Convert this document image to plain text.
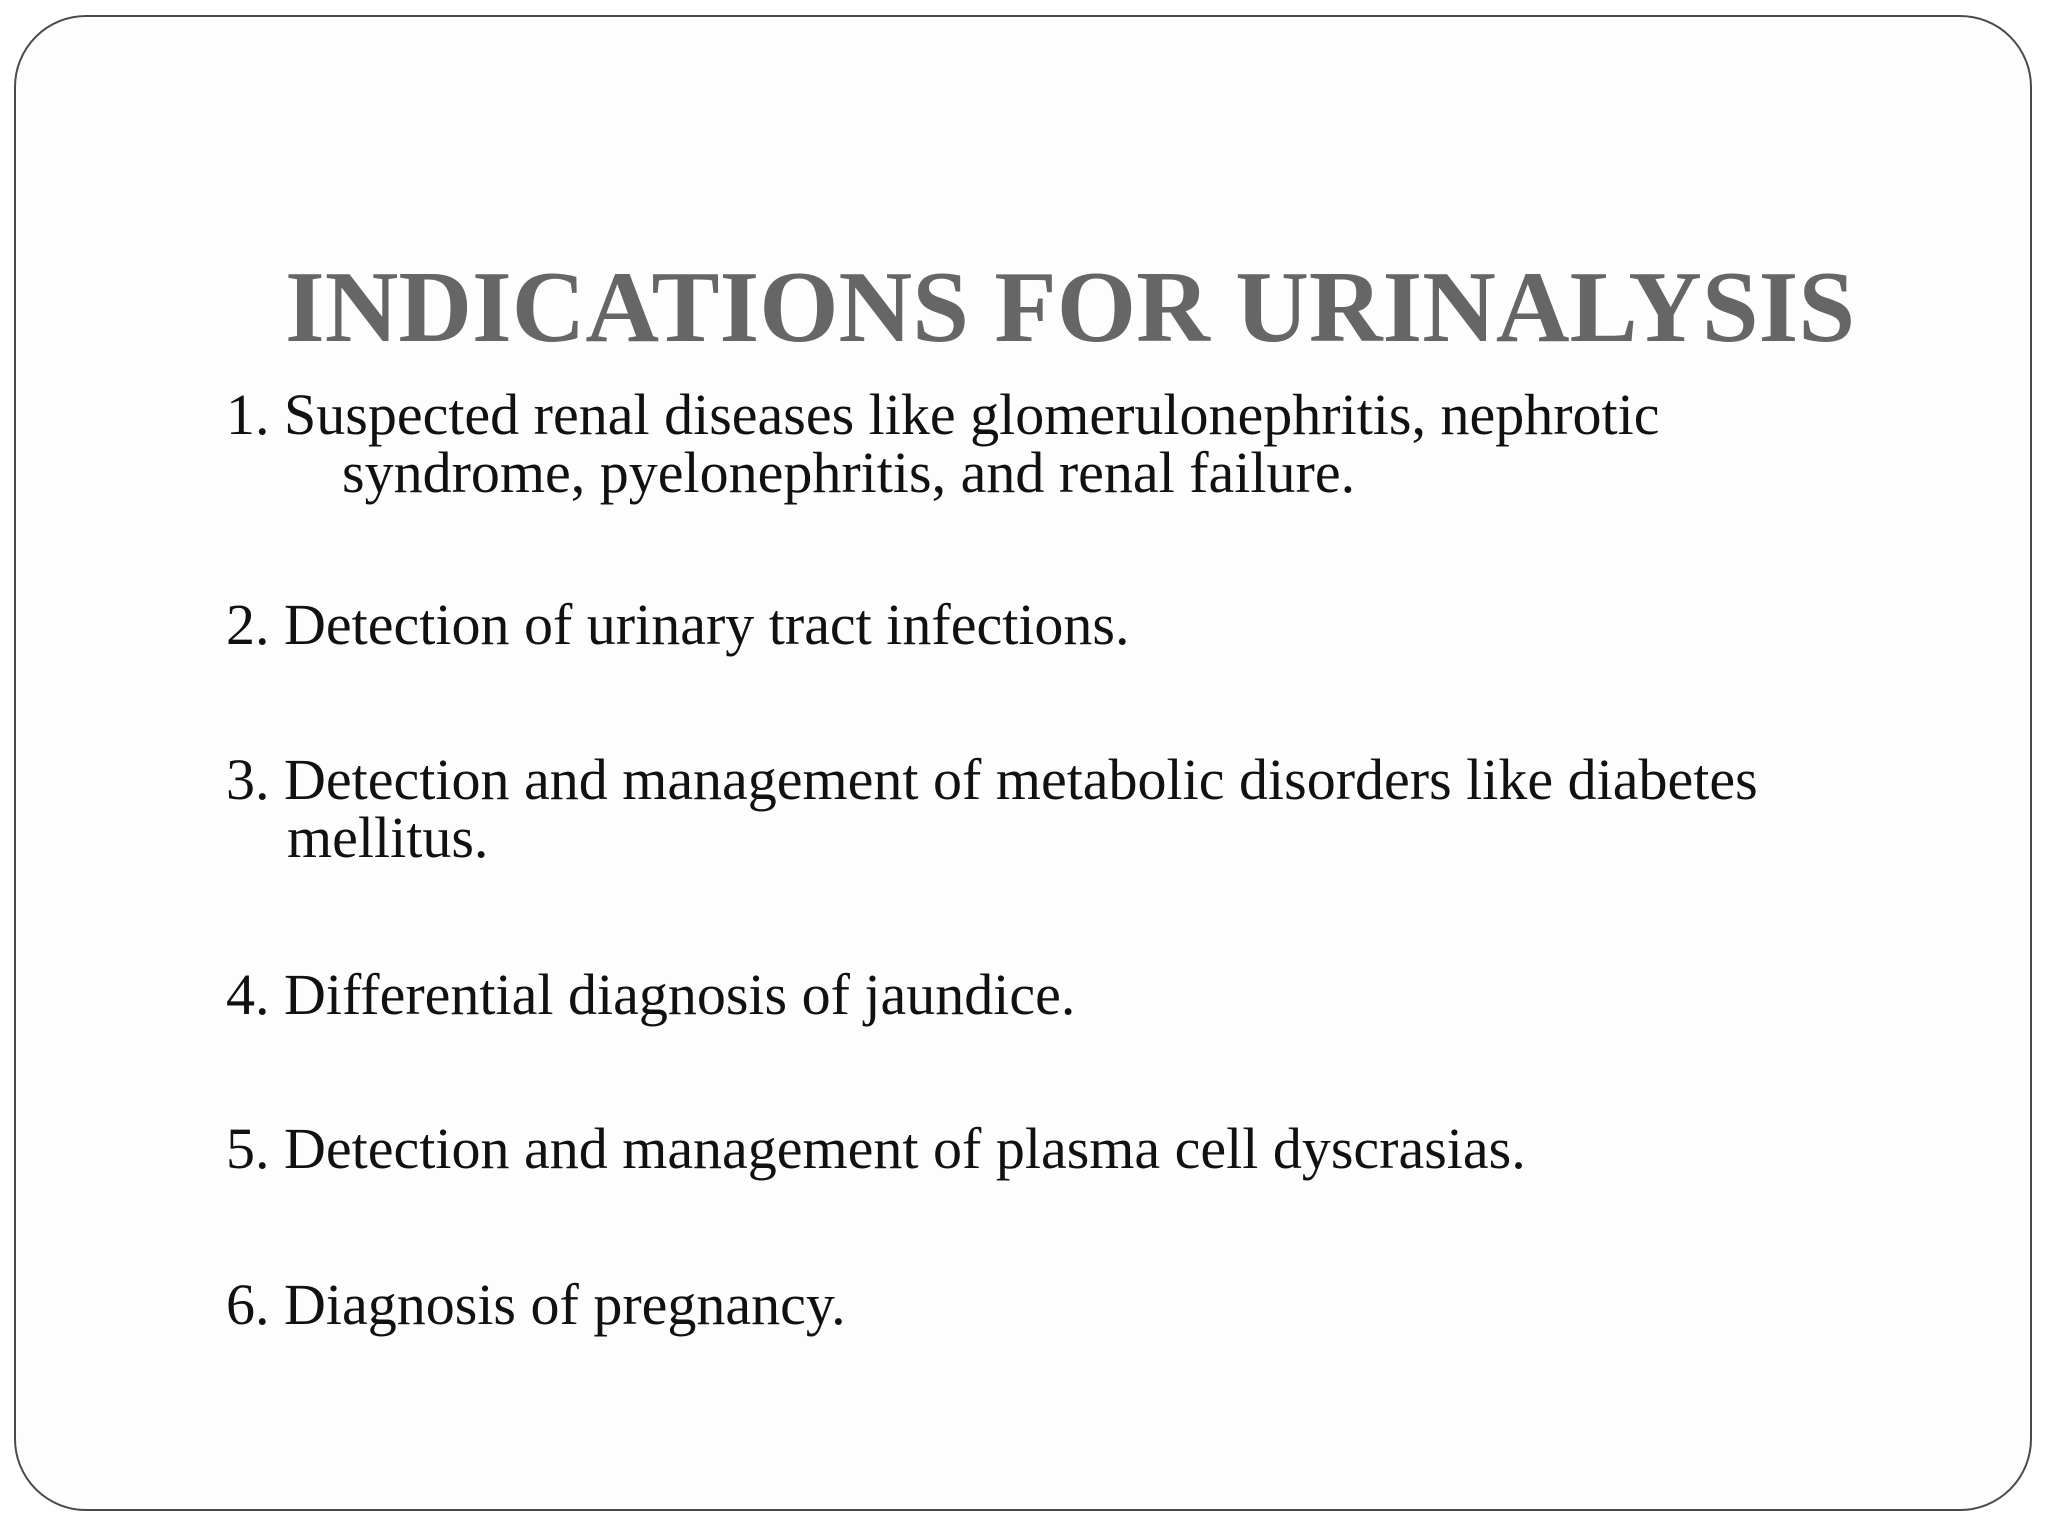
INDICATIONS FOR URINALYSIS
1. Suspected renal diseases like glomerulonephritis, nephrotic
syndrome, pyelonephritis, and renal failure.
2. Detection of urinary tract infections.
3. Detection and management of metabolic disorders like diabetes
mellitus.
4. Differential diagnosis of jaundice.
5. Detection and management of plasma cell dyscrasias.
6. Diagnosis of pregnancy.
